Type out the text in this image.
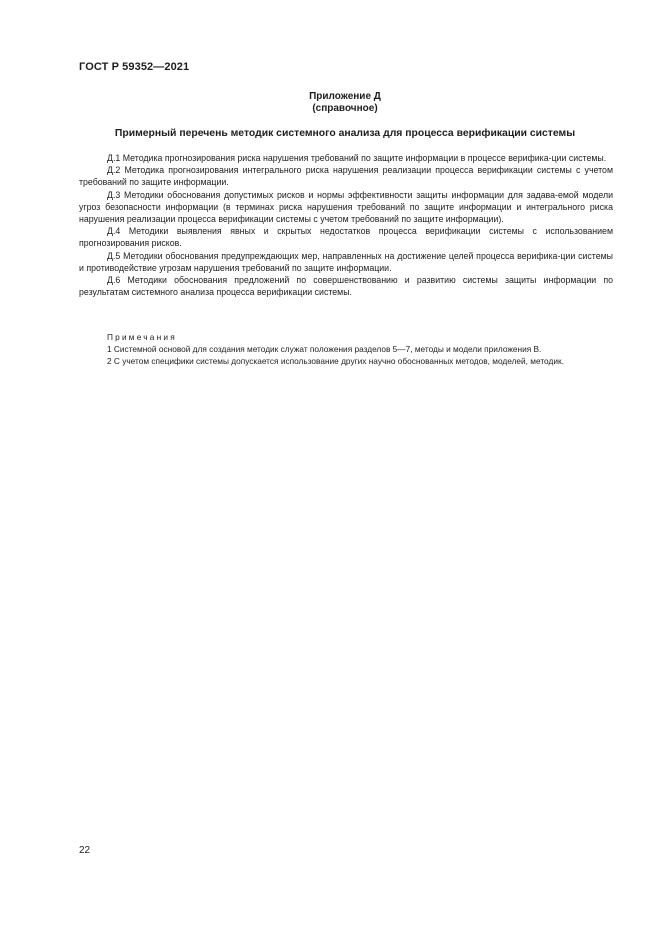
ГОСТ Р 59352—2021
Приложение Д
(справочное)
Примерный перечень методик системного анализа для процесса верификации системы

Д.1 Методика прогнозирования риска нарушения требований по защите информации в процессе верифика-ции системы.

Д.2 Методика прогнозирования интегрального риска нарушения реализации процесса верификации системы с учетом требований по защите информации.

Д.3 Методики обоснования допустимых рисков и нормы эффективности защиты информации для задава-емой модели угроз безопасности информации (в терминах риска нарушения требований по защите информации и интегрального риска нарушения реализации процесса верификации системы с учетом требований по защите информации).

Д.4 Методики выявления явных и скрытых недостатков процесса верификации системы с использованием прогнозирования рисков.

Д.5 Методики обоснования предупреждающих мер, направленных на достижение целей процесса верифика-ции системы и противодействие угрозам нарушения требований по защите информации.

Д.6 Методики обоснования предложений по совершенствованию и развитию системы защиты информации по результатам системного анализа процесса верификации системы.

Примечания

1 Системной основой для создания методик служат положения разделов 5—7, методы и модели приложения В.

2 С учетом специфики системы допускается использование других научно обоснованных методов, моделей, методик.

22
